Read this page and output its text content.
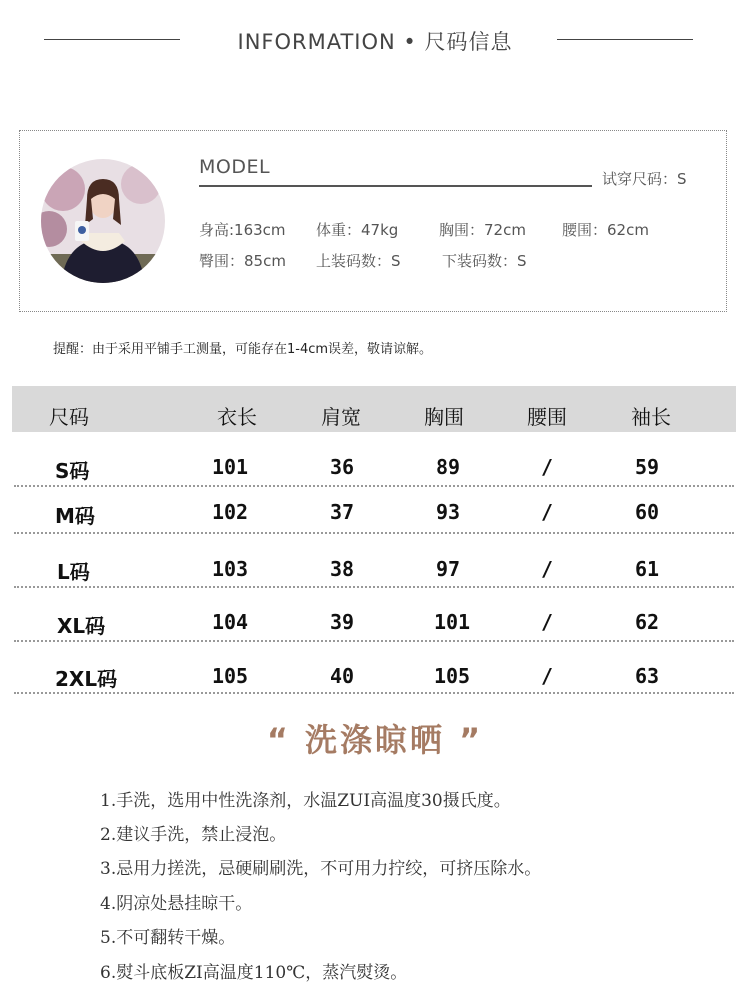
INFORMATION • 尺码信息
MODEL
试穿尺码：S
身高:163cm 体重：47kg	胸围：72cm 腰围：62cm
臀围：85cm 上装码数：S	下装码数：S
提醒：由于采用平铺手工测量，可能存在1-4cm误差，敬请谅解。
尺码	衣长	肩宽	胸围	腰围	袖长
S码	101	36	89	/	59
M码	102	37	93	/	60
L码	103	38	97	/	61
XL码	104	39	101	/	62
2XL码	105	40	105	/	63
“ 洗涤晾晒 ”
1.手洗，选用中性洗涤剂，水温ZUI高温度30摄氏度。
2.建议手洗，禁止浸泡。
3.忌用力搓洗，忌硬刷刷洗，不可用力拧绞，可挤压除水。
4.阴凉处悬挂晾干。
5.不可翻转干燥。
6.熨斗底板ZI高温度110℃，蒸汽熨烫。
